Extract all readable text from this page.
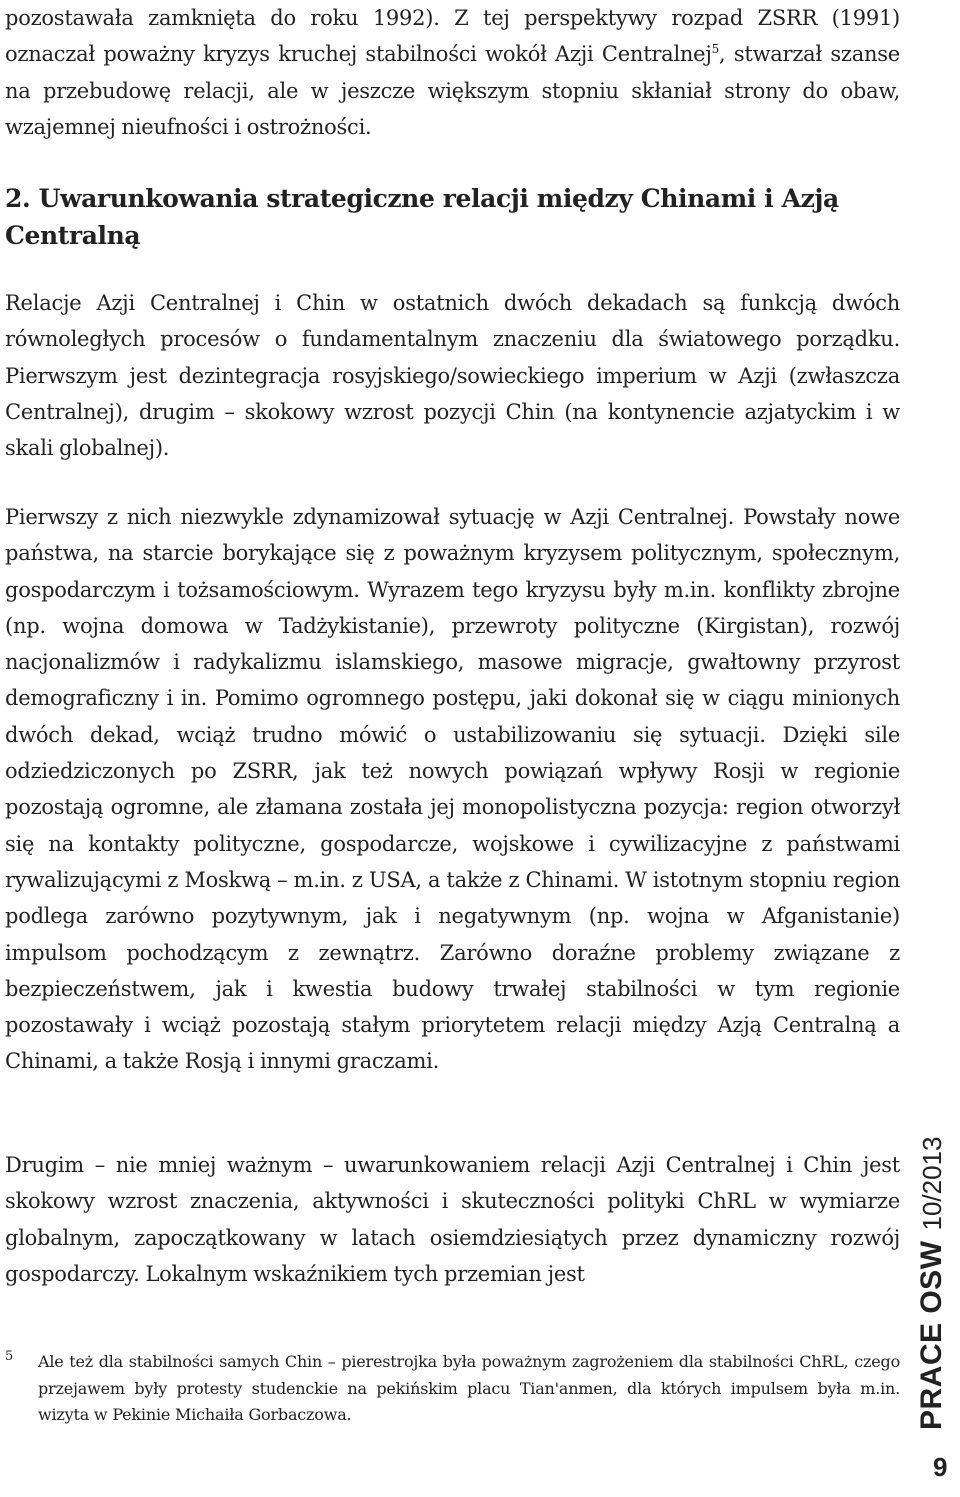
pozostawała zamknięta do roku 1992). Z tej perspektywy rozpad ZSRR (1991) oznaczał poważny kryzys kruchej stabilności wokół Azji Centralnej$^5$, stwarzał szanse na przebudowę relacji, ale w jeszcze większym stopniu skłaniał strony do obaw, wzajemnej nieufności i ostrożności.

2. Uwarunkowania strategiczne relacji między Chinami i Azją Centralną

Relacje Azji Centralnej i Chin w ostatnich dwóch dekadach są funkcją dwóch równoległych procesów o fundamentalnym znaczeniu dla światowego porządku. Pierwszym jest dezintegracja rosyjskiego/sowieckiego imperium w Azji (zwłaszcza Centralnej), drugim – skokowy wzrost pozycji Chin (na kontynencie azjatyckim i w skali globalnej).

Pierwszy z nich niezwykle zdynamizował sytuację w Azji Centralnej. Powstały nowe państwa, na starcie borykające się z poważnym kryzysem politycznym, społecznym, gospodarczym i tożsamościowym. Wyrazem tego kryzysu były m.in. konflikty zbrojne (np. wojna domowa w Tadżykistanie), przewroty polityczne (Kirgistan), rozwój nacjonalizmów i radykalizmu islamskiego, masowe migracje, gwałtowny przyrost demograficzny i in. Pomimo ogromnego postępu, jaki dokonał się w ciągu minionych dwóch dekad, wciąż trudno mówić o ustabilizowaniu się sytuacji. Dzięki sile odziedziczonych po ZSRR, jak też nowych powiązań wpływy Rosji w regionie pozostają ogromne, ale złamana została jej monopolistyczna pozycja: region otworzył się na kontakty polityczne, gospodarcze, wojskowe i cywilizacyjne z państwami rywalizującymi z Moskwą – m.in. z USA, a także z Chinami. W istotnym stopniu region podlega zarówno pozytywnym, jak i negatywnym (np. wojna w Afganistanie) impulsom pochodzącym z zewnątrz. Zarówno doraźne problemy związane z bezpieczeństwem, jak i kwestia budowy trwałej stabilności w tym regionie pozostawały i wciąż pozostają stałym priorytetem relacji między Azją Centralną a Chinami, a także Rosją i innymi graczami.

Drugim – nie mniej ważnym – uwarunkowaniem relacji Azji Centralnej i Chin jest skokowy wzrost znaczenia, aktywności i skuteczności polityki ChRL w wymiarze globalnym, zapoczątkowany w latach osiemdziesiątych przez dynamiczny rozwój gospodarczy. Lokalnym wskaźnikiem tych przemian jest

5 Ale też dla stabilności samych Chin – pierestrojka była poważnym zagrożeniem dla stabilności ChRL, czego przejawem były protesty studenckie na pekińskim placu Tian'anmen, dla których impulsem była m.in. wizyta w Pekinie Michaiła Gorbaczowa.	PRACE OSW10/2013
9
